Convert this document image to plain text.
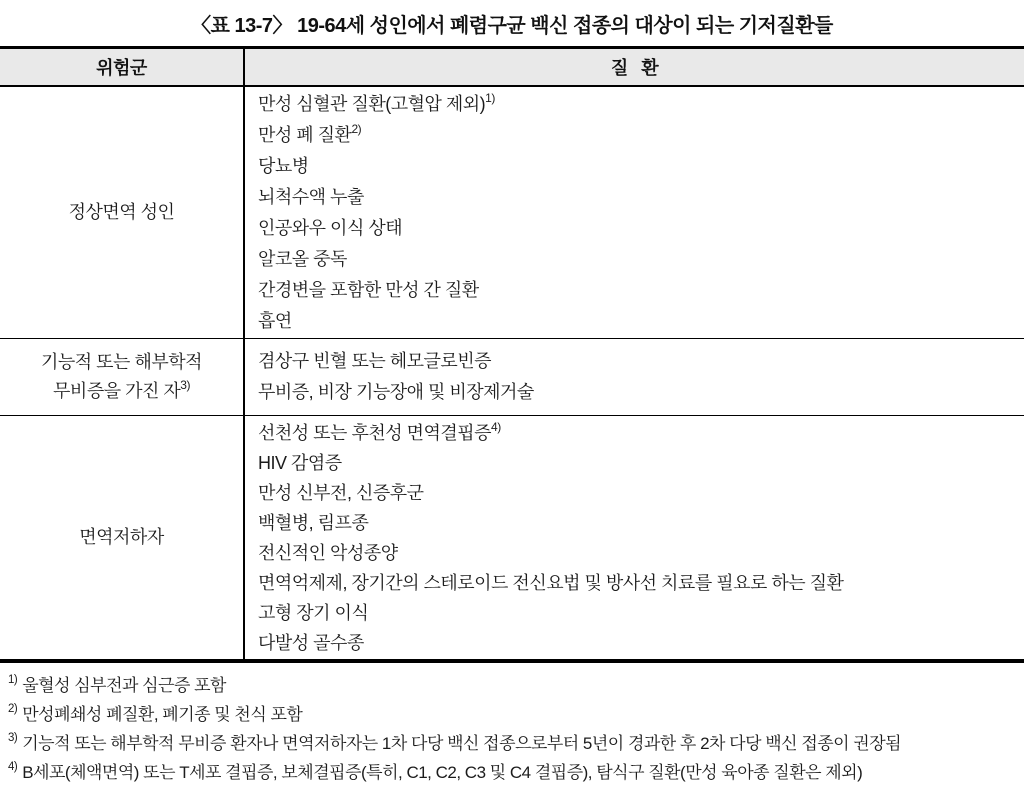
〈표 13-7〉 19-64세 성인에서 폐렴구균 백신 접종의 대상이 되는 기저질환들
위험군	질   환
정상면역 성인
만성 심혈관 질환(고혈압 제외)$^{1)}$
만성 폐 질환$^{2)}$
당뇨병
뇌척수액 누출
인공와우 이식 상태
알코올 중독
간경변을 포함한 만성 간 질환
흡연
기능적 또는 해부학적
무비증을 가진 자$^{3)}$
겸상구 빈혈 또는 헤모글로빈증
무비증, 비장 기능장애 및 비장제거술
면역저하자
선천성 또는 후천성 면역결핍증$^{4)}$
HIV 감염증
만성 신부전, 신증후군
백혈병, 림프종
전신적인 악성종양
면역억제제, 장기간의 스테로이드 전신요법 및 방사선 치료를 필요로 하는 질환
고형 장기 이식
다발성 골수종
$^{1)}$ 울혈성 심부전과 심근증 포함
$^{2)}$ 만성폐쇄성 폐질환, 폐기종 및 천식 포함
$^{3)}$ 기능적 또는 해부학적 무비증 환자나 면역저하자는 1차 다당 백신 접종으로부터 5년이 경과한 후 2차 다당 백신 접종이 권장됨
$^{4)}$ B세포(체액면역) 또는 T세포 결핍증, 보체결핍증(특히, C1, C2, C3 및 C4 결핍증), 탐식구 질환(만성 육아종 질환은 제외)
